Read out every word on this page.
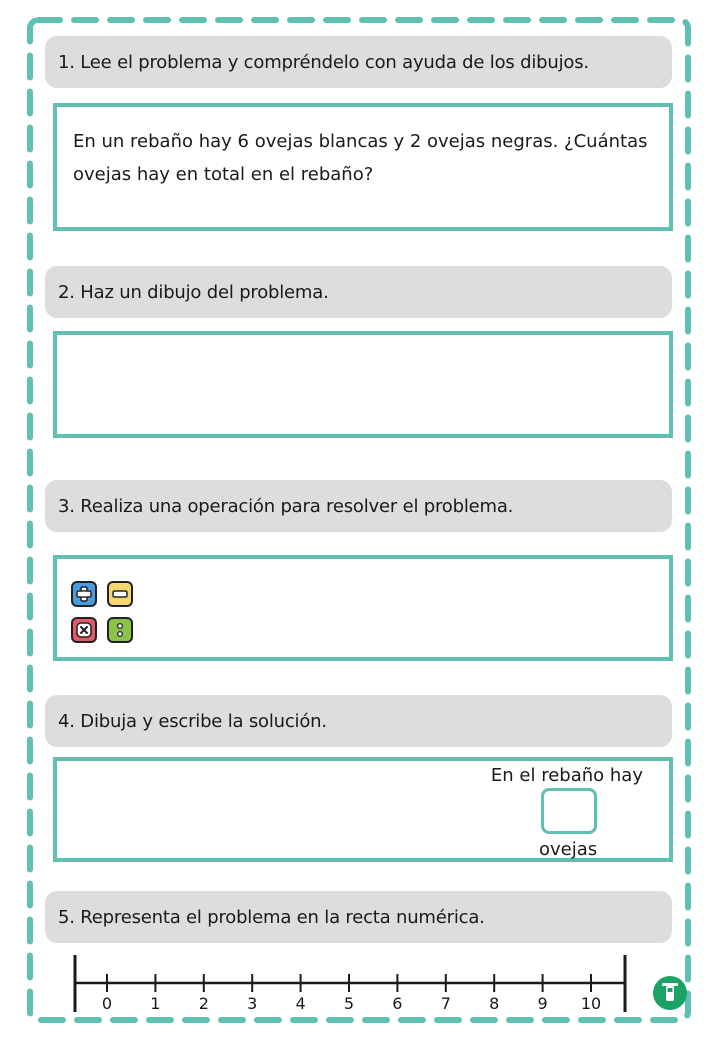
1. Lee el problema y compréndelo con ayuda de los dibujos.
En un rebaño hay 6 ovejas blancas y 2 ovejas negras. ¿Cuántas ovejas hay en total en el rebaño?
2. Haz un dibujo del problema.
3. Realiza una operación para resolver el problema.
4. Dibuja y escribe la solución.
En el rebaño hay
ovejas
5. Representa el problema en la recta numérica.
0 1 2 3 4 5 6 7 8 9 10
